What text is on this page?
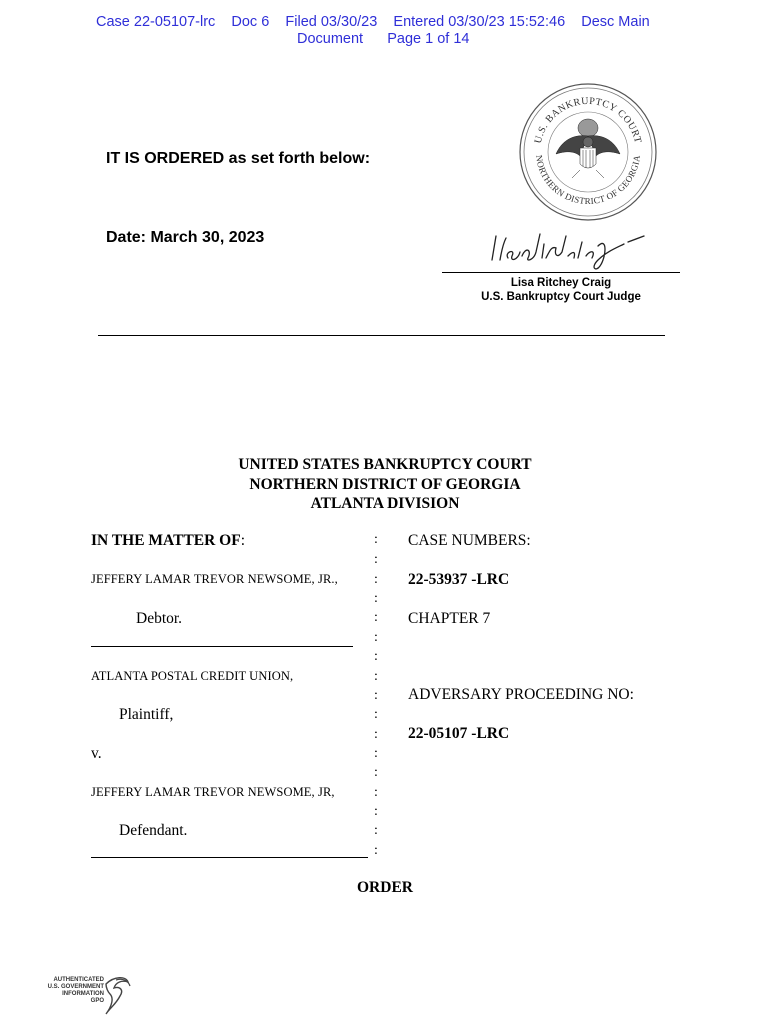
Case 22-05107-lrc    Doc 6    Filed 03/30/23    Entered 03/30/23 15:52:46    Desc Main
Document      Page 1 of 14
U.S. BANKRUPTCY COURT
NORTHERN DISTRICT OF GEORGIA
IT IS ORDERED as set forth below:
Date: March 30, 2023
Lisa Ritchey Craig
U.S. Bankruptcy Court Judge
UNITED STATES BANKRUPTCY COURT
NORTHERN DISTRICT OF GEORGIA
ATLANTA DIVISION
IN THE MATTER OF:
JEFFERY LAMAR TREVOR NEWSOME, JR.,
Debtor.
ATLANTA POSTAL CREDIT UNION,
Plaintiff,
v.
JEFFERY LAMAR TREVOR NEWSOME, JR,
Defendant.
:
:
:
:
:
:
:
:
:
:
:
:
:
:
:
:
:
CASE NUMBERS:
22-53937 -LRC
CHAPTER 7
ADVERSARY PROCEEDING NO:
22-05107 -LRC
ORDER
AUTHENTICATED
U.S. GOVERNMENT
INFORMATION
GPO
